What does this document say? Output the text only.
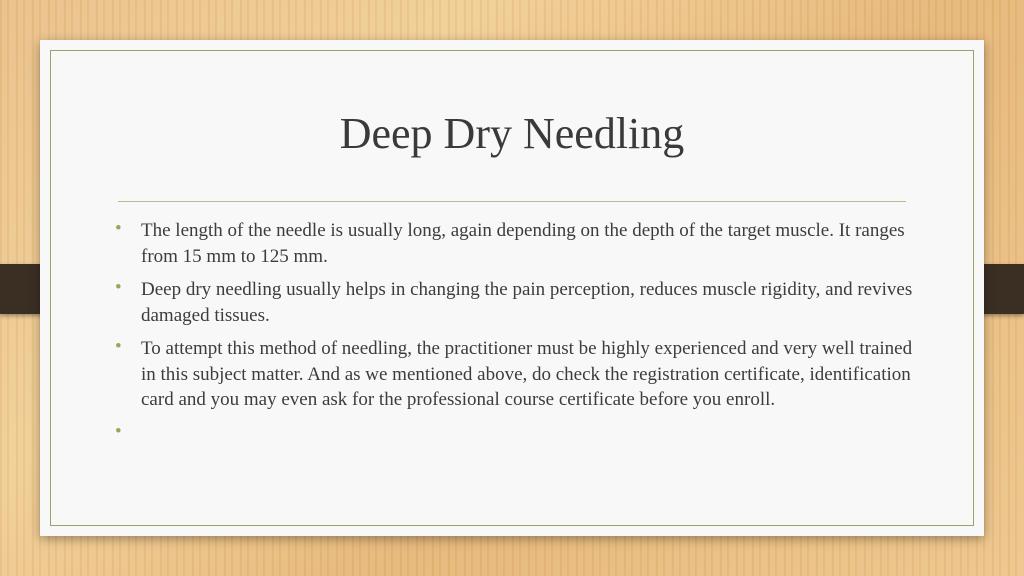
Deep Dry Needling
• The length of the needle is usually long, again depending on the depth of the target muscle. It ranges from 15 mm to 125 mm.
• Deep dry needling usually helps in changing the pain perception, reduces muscle rigidity, and revives damaged tissues.
• To attempt this method of needling, the practitioner must be highly experienced and very well trained in this subject matter. And as we mentioned above, do check the registration certificate, identification card and you may even ask for the professional course certificate before you enroll.
•
